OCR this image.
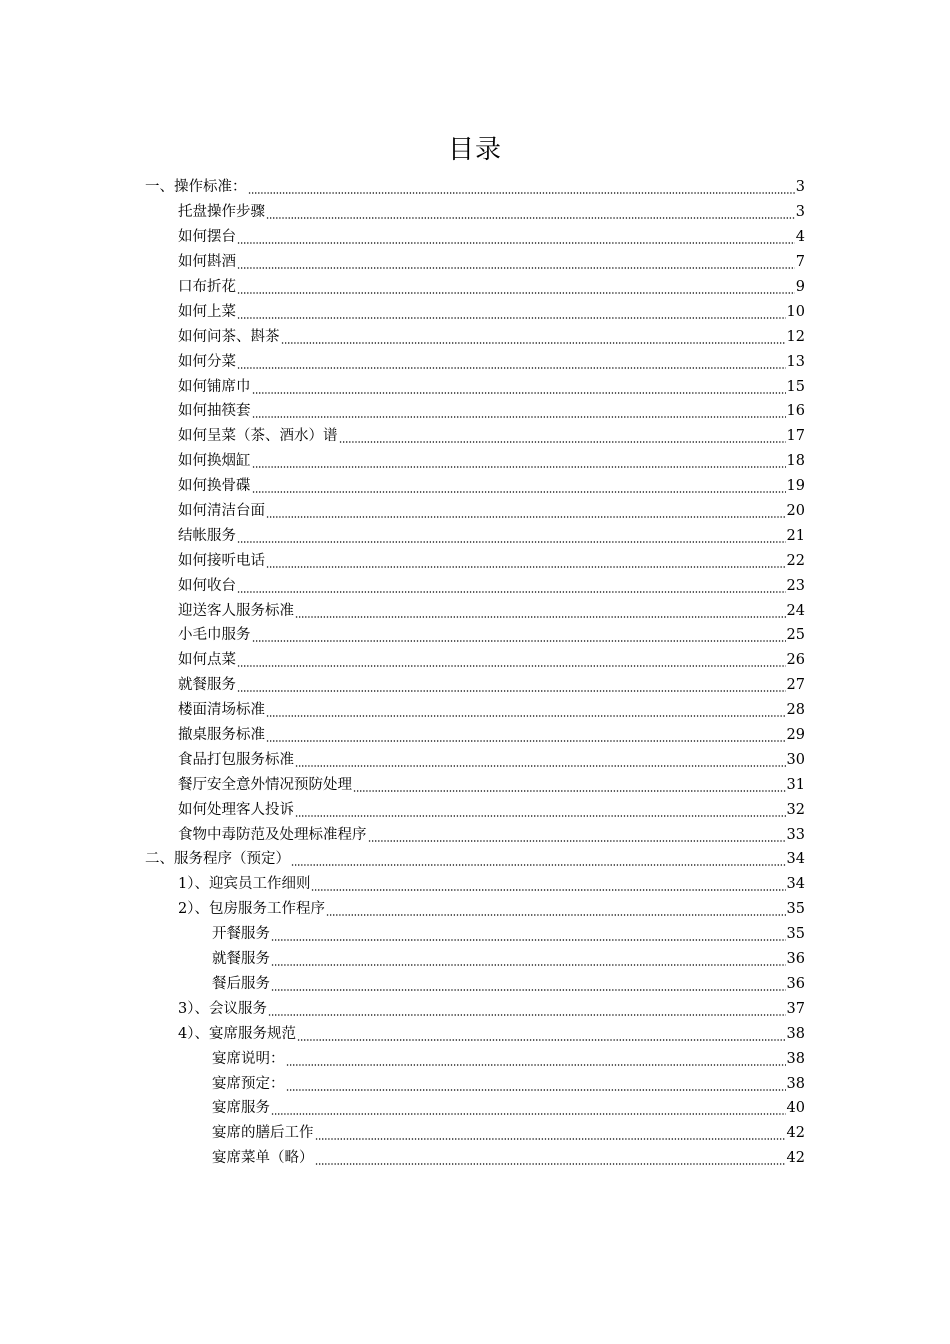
目录
一、操作标准：	3
托盘操作步骤	3
如何摆台	4
如何斟酒	7
口布折花	9
如何上菜	10
如何问茶、斟茶	12
如何分菜	13
如何铺席巾	15
如何抽筷套	16
如何呈菜（茶、酒水）谱	17
如何换烟缸	18
如何换骨碟	19
如何清洁台面	20
结帐服务	21
如何接听电话	22
如何收台	23
迎送客人服务标准	24
小毛巾服务	25
如何点菜	26
就餐服务	27
楼面清场标准	28
撤桌服务标准	29
食品打包服务标准	30
餐厅安全意外情况预防处理	31
如何处理客人投诉	32
食物中毒防范及处理标准程序	33
二、服务程序（预定）	34
1）、迎宾员工作细则	34
2）、包房服务工作程序	35
开餐服务	35
就餐服务	36
餐后服务	36
3）、会议服务	37
4）、宴席服务规范	38
宴席说明：	38
宴席预定：	38
宴席服务	40
宴席的膳后工作	42
宴席菜单（略）	42
